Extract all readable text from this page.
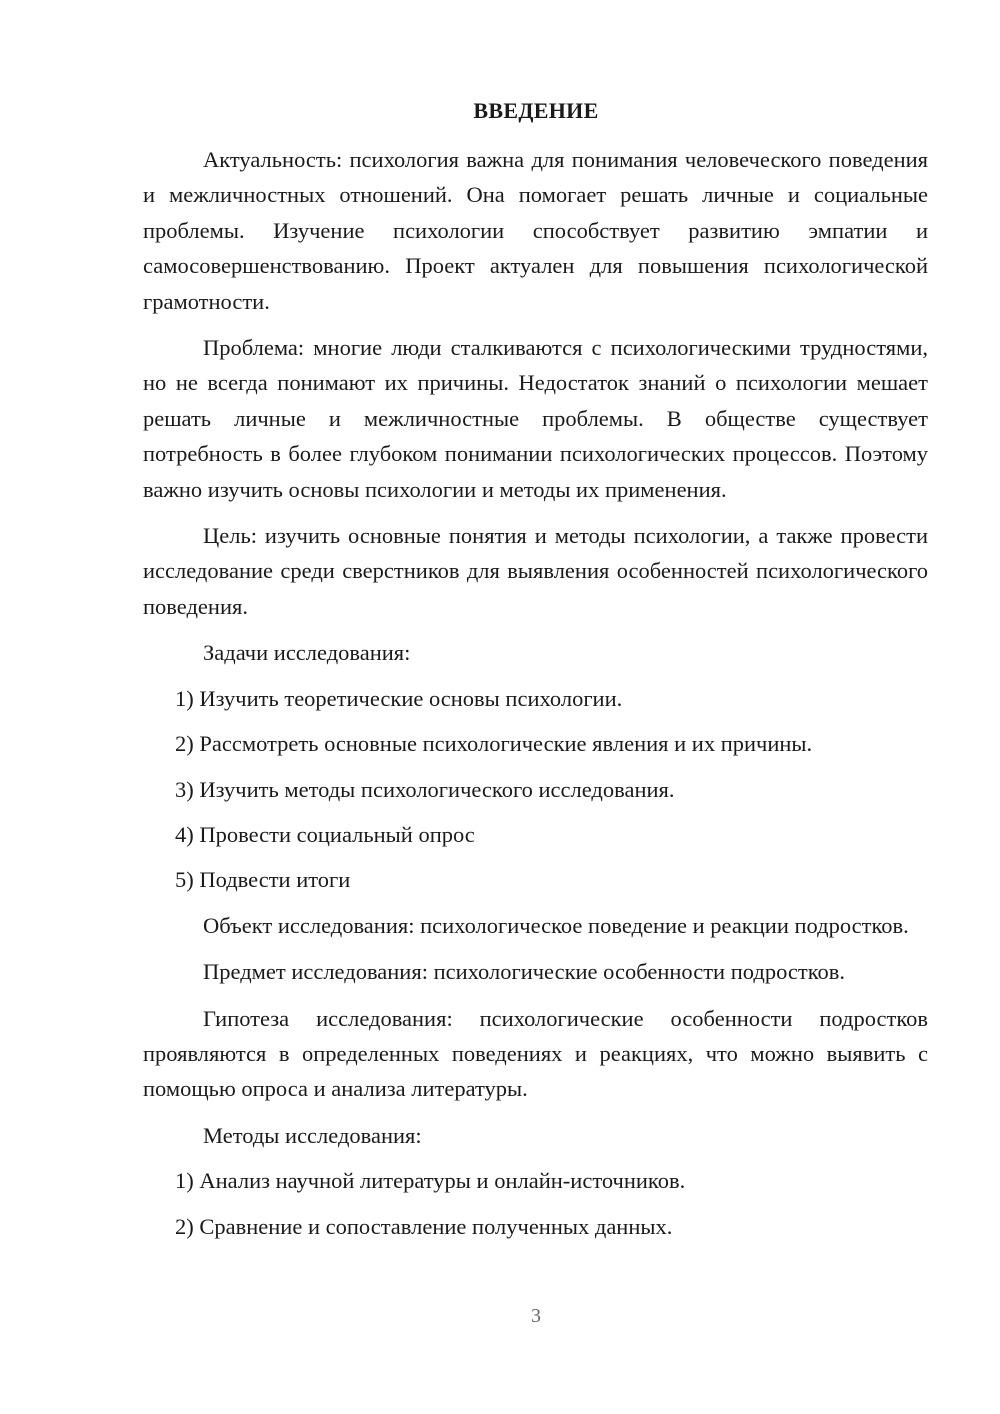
ВВЕДЕНИЕ

Актуальность: психология важна для понимания человеческого поведения и межличностных отношений. Она помогает решать личные и социальные проблемы. Изучение психологии способствует развитию эмпатии и самосовершенствованию. Проект актуален для повышения психологической грамотности.

Проблема: многие люди сталкиваются с психологическими трудностями, но не всегда понимают их причины. Недостаток знаний о психологии мешает решать личные и межличностные проблемы. В обществе существует потребность в более глубоком понимании психологических процессов. Поэтому важно изучить основы психологии и методы их применения.

Цель: изучить основные понятия и методы психологии, а также провести исследование среди сверстников для выявления особенностей психологического поведения.

Задачи исследования:

1) Изучить теоретические основы психологии.

2) Рассмотреть основные психологические явления и их причины.

3) Изучить методы психологического исследования.

4) Провести социальный опрос

5) Подвести итоги

Объект исследования: психологическое поведение и реакции подростков.

Предмет исследования: психологические особенности подростков.

Гипотеза исследования: психологические особенности подростков проявляются в определенных поведениях и реакциях, что можно выявить с помощью опроса и анализа литературы.

Методы исследования:

1) Анализ научной литературы и онлайн-источников.

2) Сравнение и сопоставление полученных данных.

3
